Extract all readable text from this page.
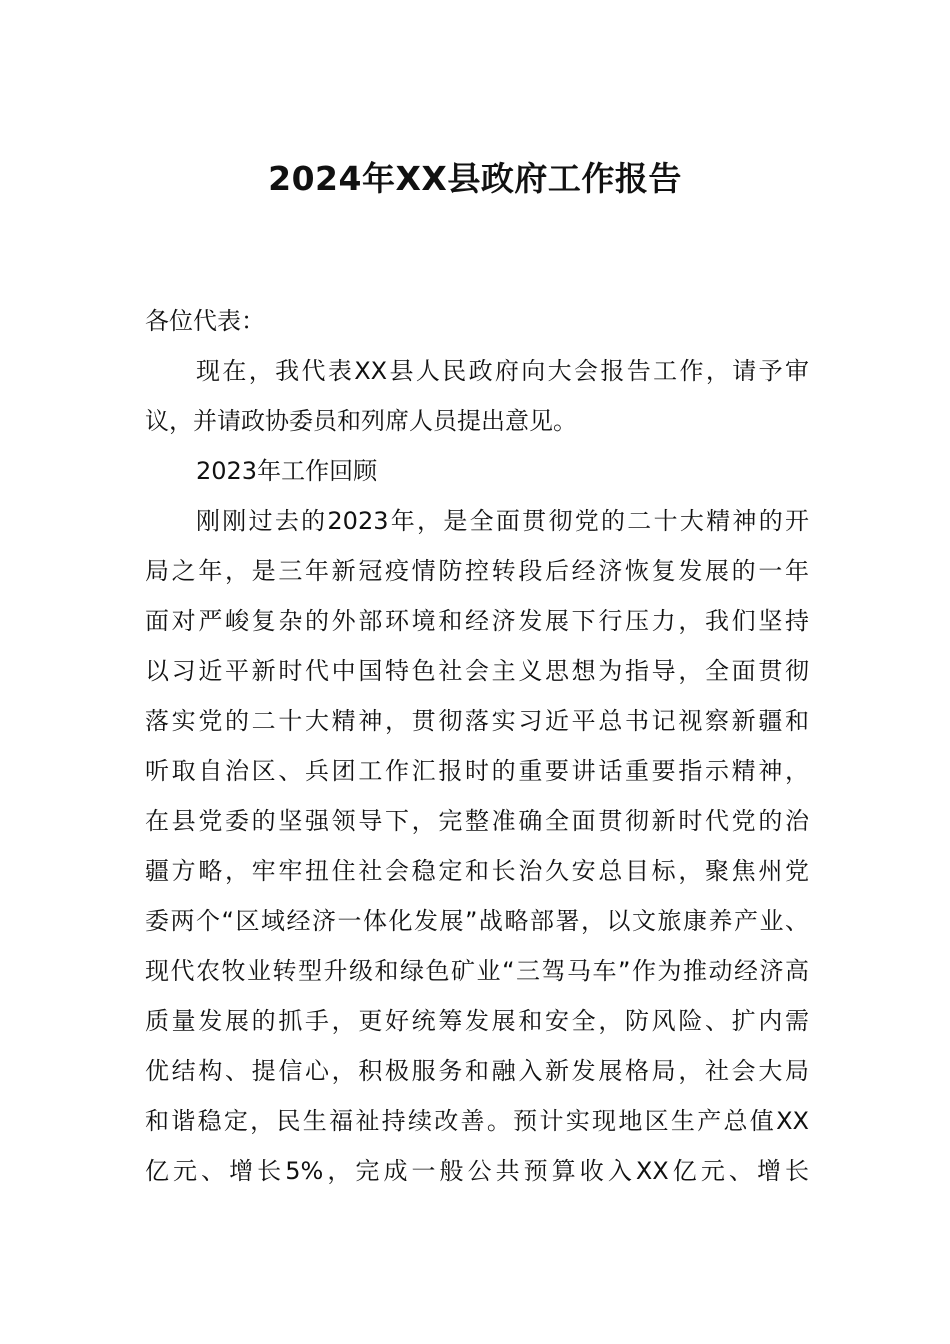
2024年XX县政府工作报告
各位代表：
现在，我代表XX县人民政府向大会报告工作，请予审
议，并请政协委员和列席人员提出意见。
2023年工作回顾
刚刚过去的2023年，是全面贯彻党的二十大精神的开
局之年，是三年新冠疫情防控转段后经济恢复发展的一年
面对严峻复杂的外部环境和经济发展下行压力，我们坚持
以习近平新时代中国特色社会主义思想为指导，全面贯彻
落实党的二十大精神，贯彻落实习近平总书记视察新疆和
听取自治区、兵团工作汇报时的重要讲话重要指示精神，
在县党委的坚强领导下，完整准确全面贯彻新时代党的治
疆方略，牢牢扭住社会稳定和长治久安总目标，聚焦州党
委两个“区域经济一体化发展”战略部署，以文旅康养产业、
现代农牧业转型升级和绿色矿业“三驾马车”作为推动经济高
质量发展的抓手，更好统筹发展和安全，防风险、扩内需
优结构、提信心，积极服务和融入新发展格局，社会大局
和谐稳定，民生福祉持续改善。预计实现地区生产总值XX
亿元、增长5%，完成一般公共预算收入XX亿元、增长
